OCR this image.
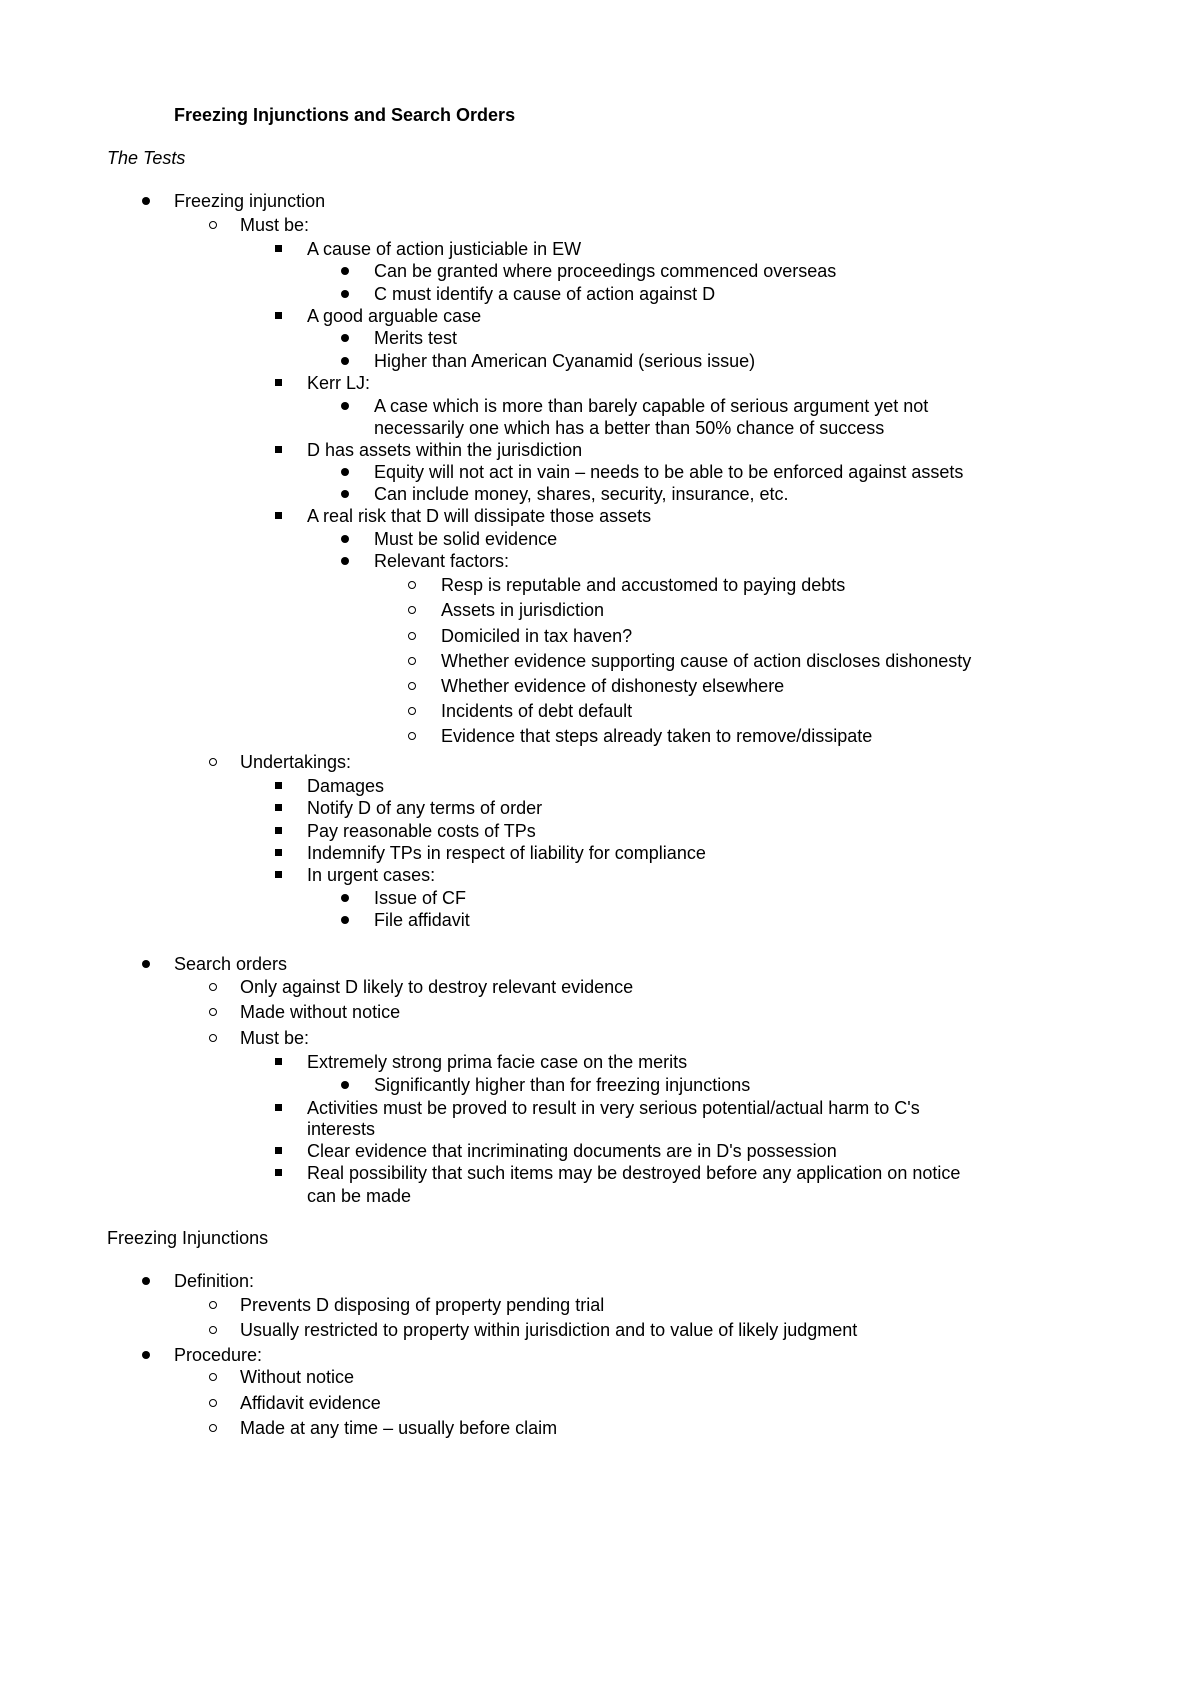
Freezing Injunctions and Search Orders
The Tests
Freezing Injunctions
Freezing injunction
Must be:
A cause of action justiciable in EW
Can be granted where proceedings commenced overseas
C must identify a cause of action against D
A good arguable case
Merits test
Higher than American Cyanamid (serious issue)
Kerr LJ:
A case which is more than barely capable of serious argument yet not
necessarily one which has a better than 50% chance of success
D has assets within the jurisdiction
Equity will not act in vain – needs to be able to be enforced against assets
Can include money, shares, security, insurance, etc.
A real risk that D will dissipate those assets
Must be solid evidence
Relevant factors:
Resp is reputable and accustomed to paying debts
Assets in jurisdiction
Domiciled in tax haven?
Whether evidence supporting cause of action discloses dishonesty
Whether evidence of dishonesty elsewhere
Incidents of debt default
Evidence that steps already taken to remove/dissipate
Undertakings:
Damages
Notify D of any terms of order
Pay reasonable costs of TPs
Indemnify TPs in respect of liability for compliance
In urgent cases:
Issue of CF
File affidavit
Search orders
Only against D likely to destroy relevant evidence
Made without notice
Must be:
Extremely strong prima facie case on the merits
Significantly higher than for freezing injunctions
Activities must be proved to result in very serious potential/actual harm to C's
interests
Clear evidence that incriminating documents are in D's possession
Real possibility that such items may be destroyed before any application on notice
can be made
Definition:
Prevents D disposing of property pending trial
Usually restricted to property within jurisdiction and to value of likely judgment
Procedure:
Without notice
Affidavit evidence
Made at any time – usually before claim
